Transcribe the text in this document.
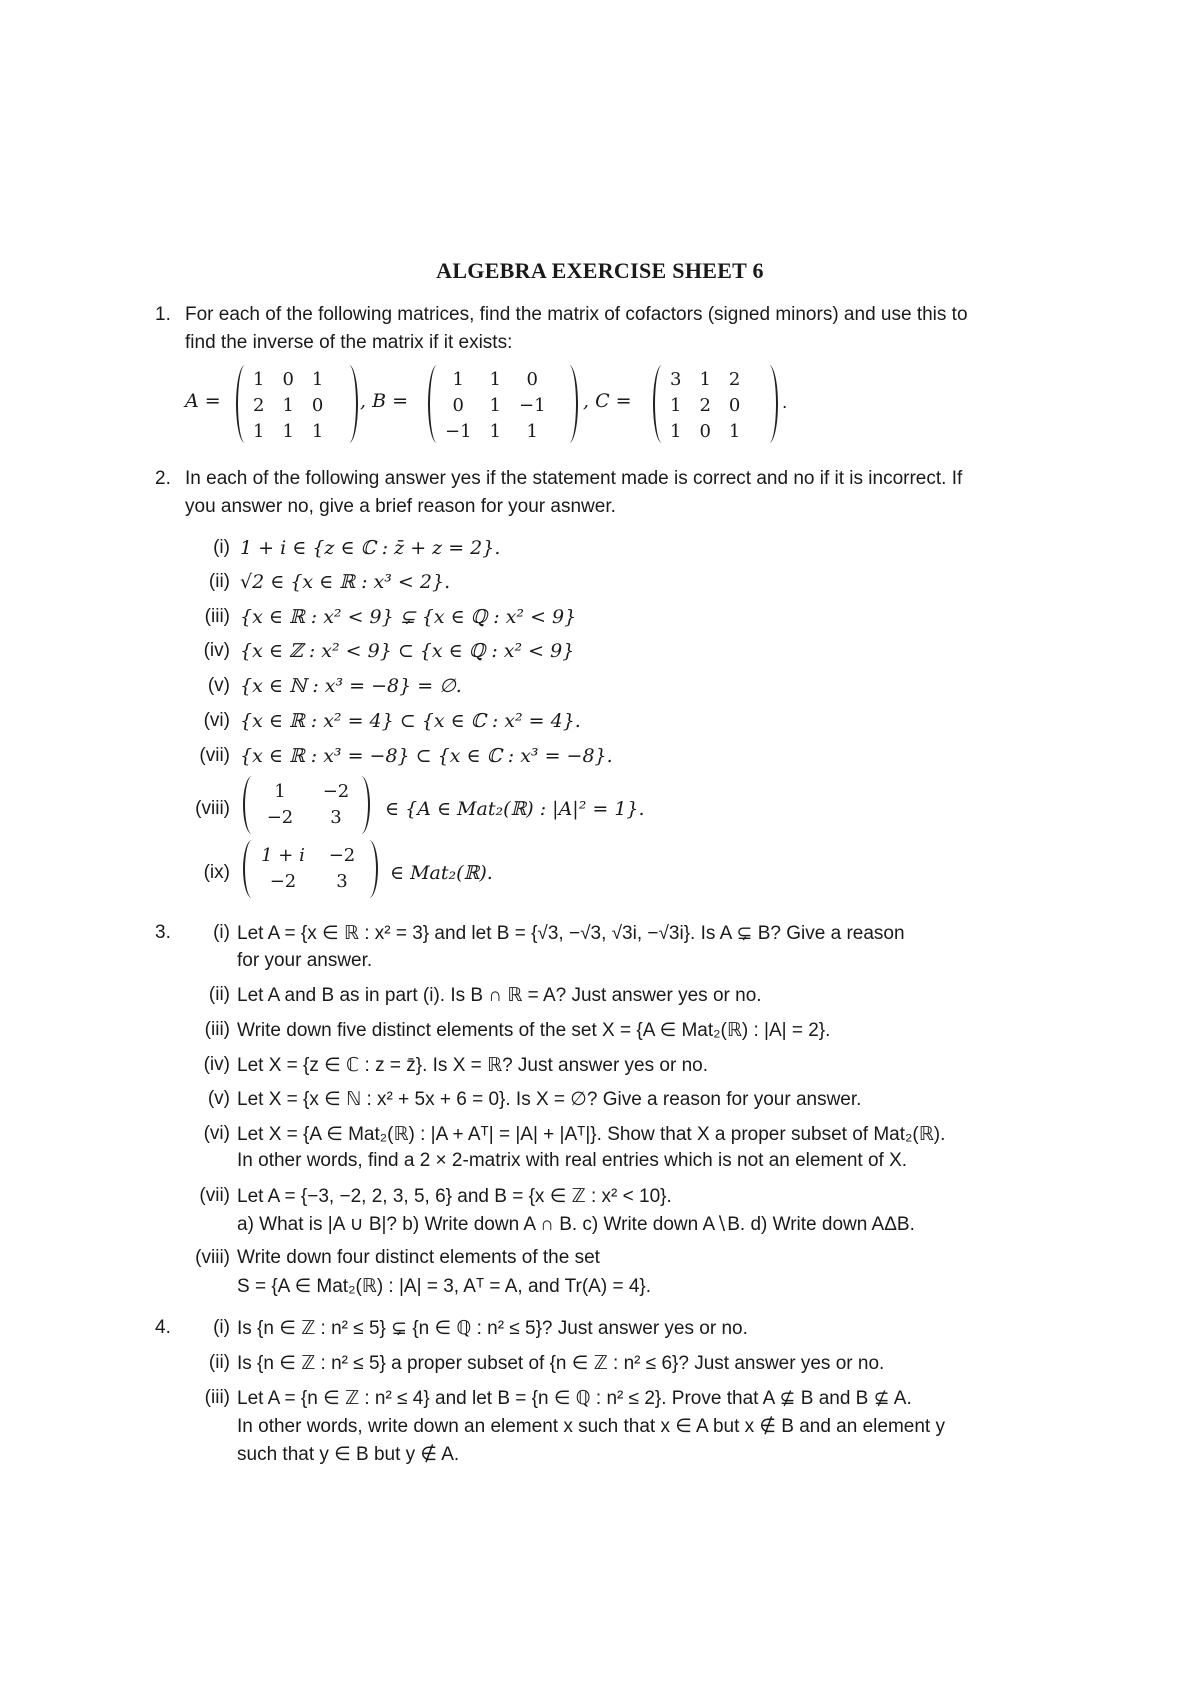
ALGEBRA EXERCISE SHEET 6
1. For each of the following matrices, find the matrix of cofactors (signed minors) and use this to
find the inverse of the matrix if it exists:
A =
1	0	1
2	1	0
1	1	1
, B =
1	1	0
0	1	−1
−1	1	1
, C =
3	1	2
1	2	0
1	0	1
.
2. In each of the following answer yes if the statement made is correct and no if it is incorrect. If
you answer no, give a brief reason for your asnwer.
(i) 1 + i ∈ {z ∈ ℂ : z̄ + z = 2}.
(ii) √2 ∈ {x ∈ ℝ : x³ < 2}.
(iii) {x ∈ ℝ : x² < 9} ⊊ {x ∈ ℚ : x² < 9}
(iv) {x ∈ ℤ : x² < 9} ⊂ {x ∈ ℚ : x² < 9}
(v) {x ∈ ℕ : x³ = −8} = ∅.
(vi) {x ∈ ℝ : x² = 4} ⊂ {x ∈ ℂ : x² = 4}.
(vii) {x ∈ ℝ : x³ = −8} ⊂ {x ∈ ℂ : x³ = −8}.
(viii)
1	−2
−2	3 ∈ {A ∈ Mat₂(ℝ) : |A|² = 1}.
(ix)
1 + i	−2
−2	3 ∈ Mat₂(ℝ).
3.	(i) Let A = {x ∈ ℝ : x² = 3} and let B = {√3, −√3, √3i, −√3i}. Is A ⊊ B? Give a reason
for your answer.
(ii) Let A and B as in part (i). Is B ∩ ℝ = A? Just answer yes or no.
(iii) Write down five distinct elements of the set X = {A ∈ Mat₂(ℝ) : |A| = 2}.
(iv) Let X = {z ∈ ℂ : z = z̄}. Is X = ℝ? Just answer yes or no.
(v) Let X = {x ∈ ℕ : x² + 5x + 6 = 0}. Is X = ∅? Give a reason for your answer.
(vi) Let X = {A ∈ Mat₂(ℝ) : |A + Aᵀ| = |A| + |Aᵀ|}. Show that X a proper subset of Mat₂(ℝ).
In other words, find a 2 × 2-matrix with real entries which is not an element of X.
(vii) Let A = {−3, −2, 2, 3, 5, 6} and B = {x ∈ ℤ : x² < 10}.
a) What is |A ∪ B|? b) Write down A ∩ B. c) Write down A∖B. d) Write down AΔB.
(viii) Write down four distinct elements of the set
S = {A ∈ Mat₂(ℝ) : |A| = 3, Aᵀ = A, and Tr(A) = 4}.
4.	(i) Is {n ∈ ℤ : n² ≤ 5} ⊊ {n ∈ ℚ : n² ≤ 5}? Just answer yes or no.
(ii) Is {n ∈ ℤ : n² ≤ 5} a proper subset of {n ∈ ℤ : n² ≤ 6}? Just answer yes or no.
(iii) Let A = {n ∈ ℤ : n² ≤ 4} and let B = {n ∈ ℚ : n² ≤ 2}. Prove that A ⊈ B and B ⊈ A.
In other words, write down an element x such that x ∈ A but x ∉ B and an element y
such that y ∈ B but y ∉ A.
